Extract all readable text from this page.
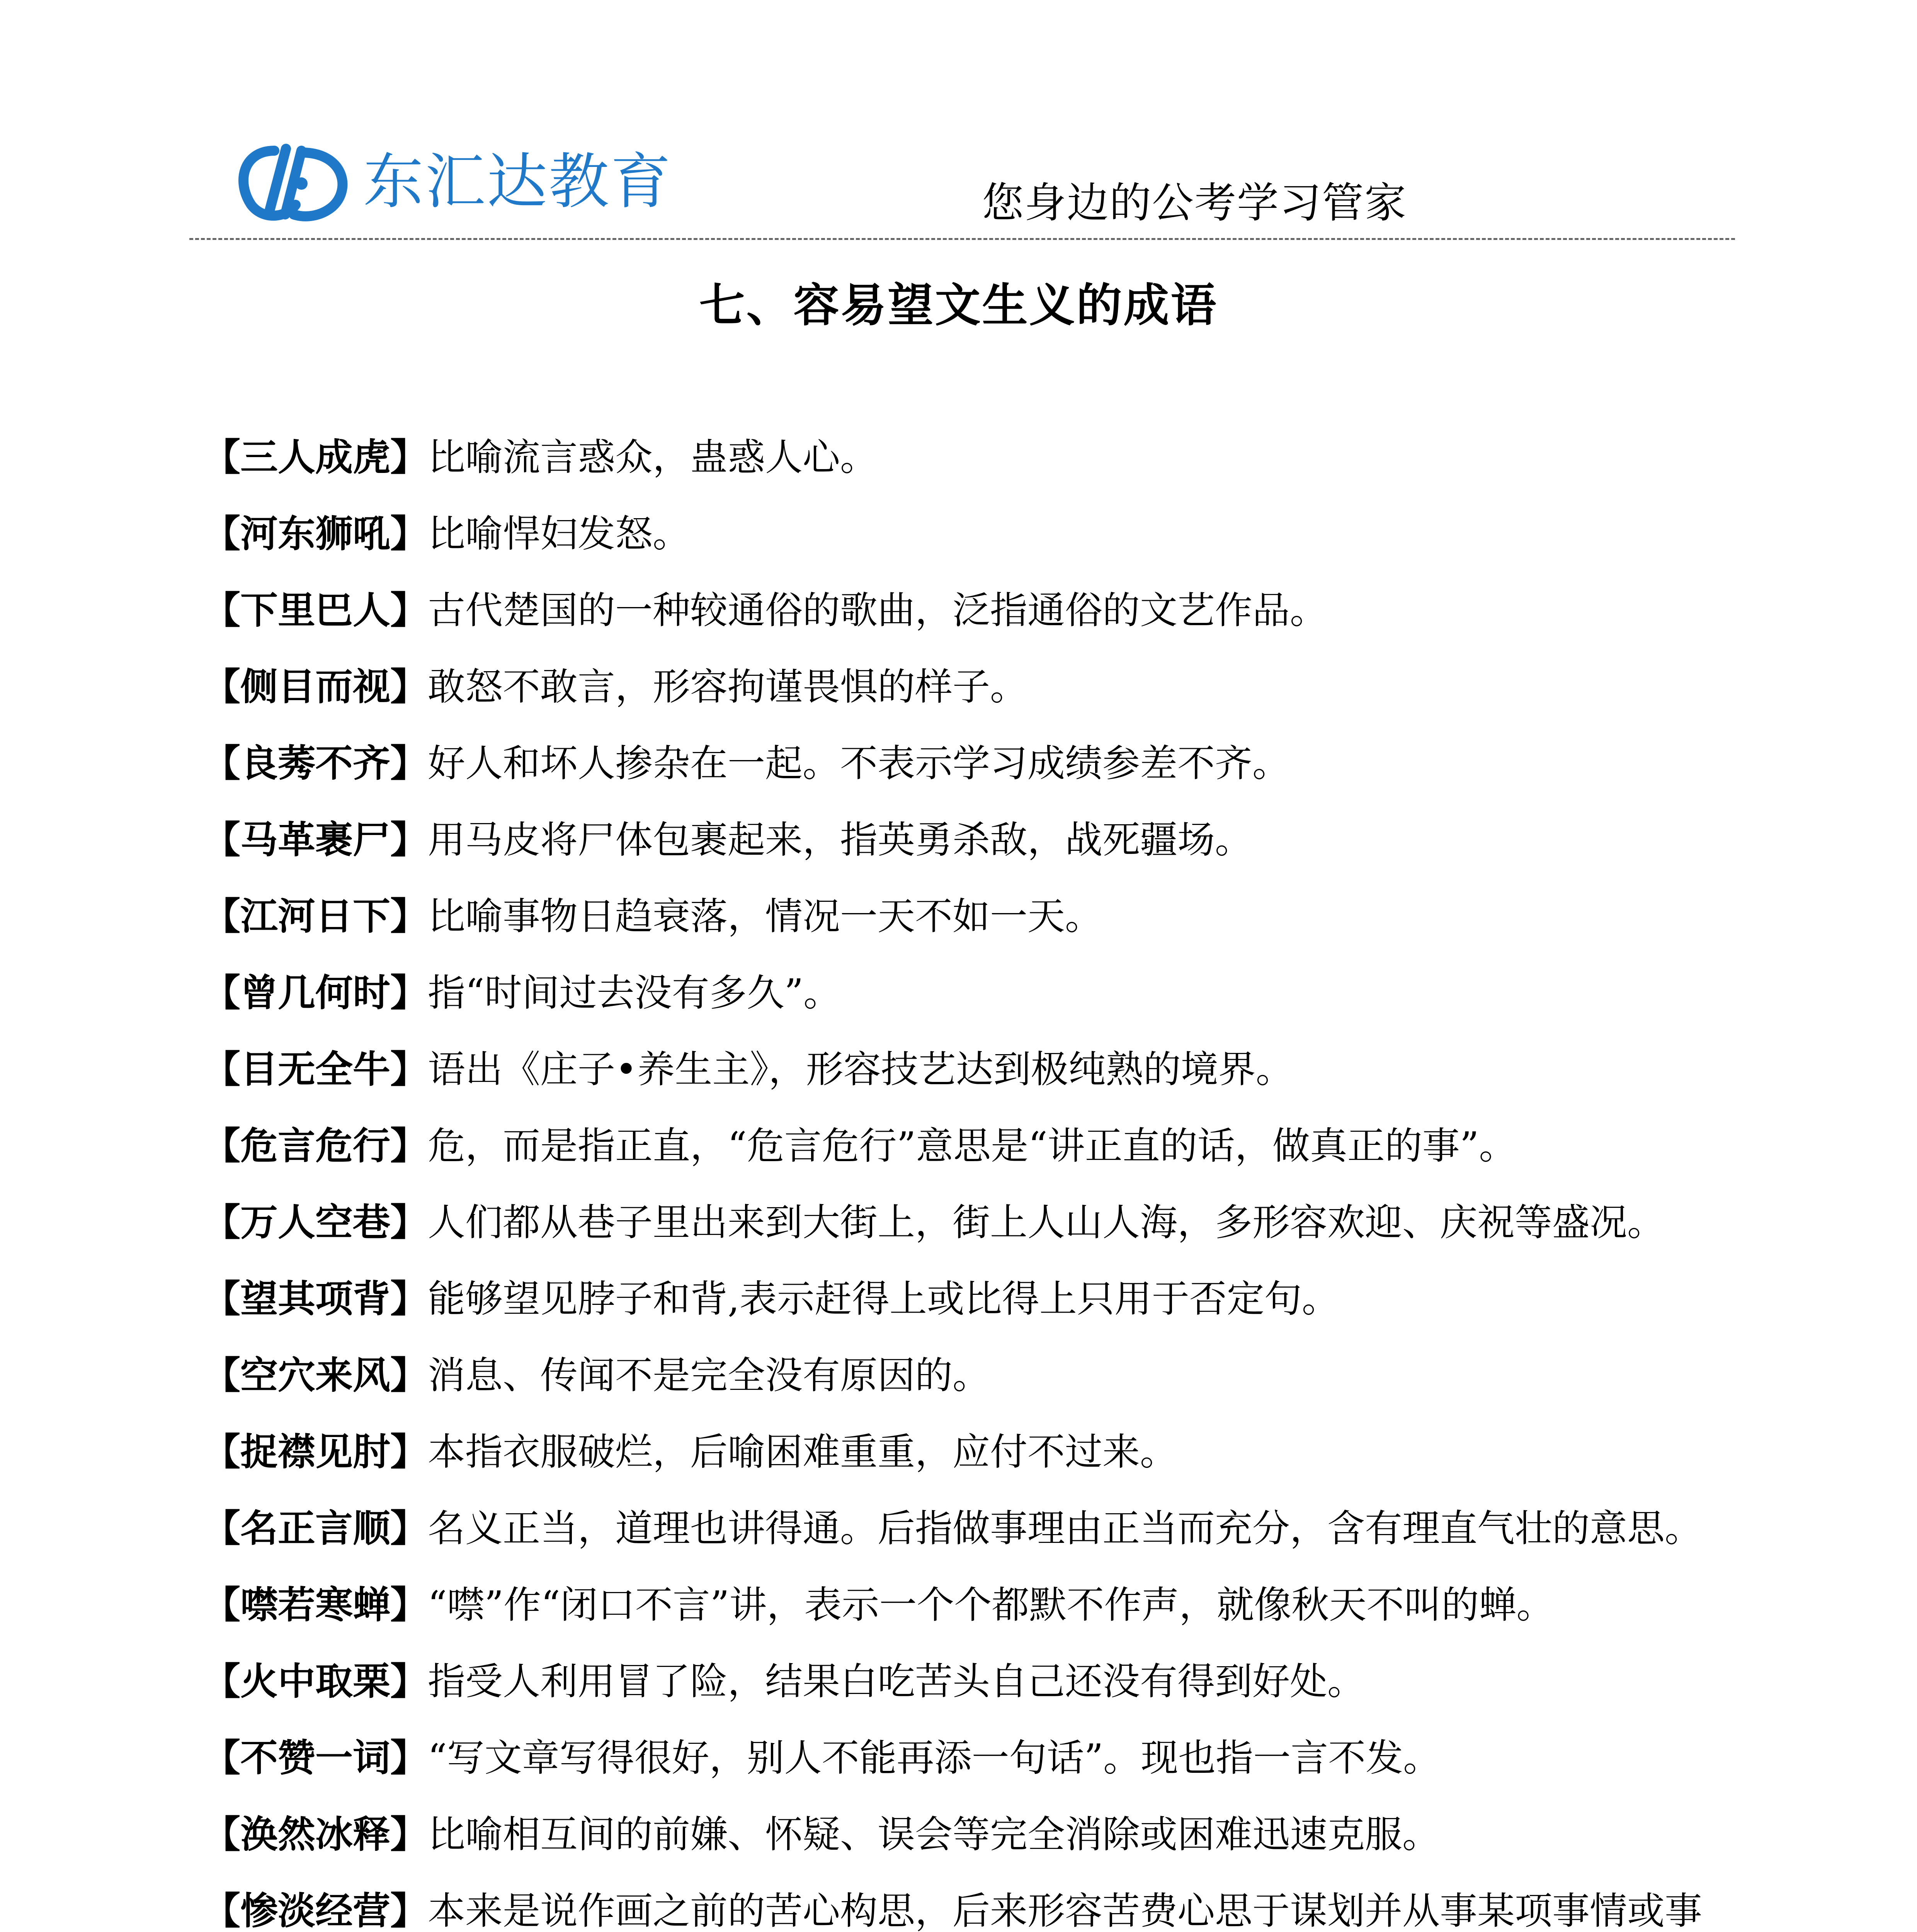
东汇达教育	您身边的公考学习管家
七、容易望文生义的成语
【三人成虎】比喻流言惑众，蛊惑人心。
【河东狮吼】比喻悍妇发怒。
【下里巴人】古代楚国的一种较通俗的歌曲，泛指通俗的文艺作品。
【侧目而视】敢怒不敢言，形容拘谨畏惧的样子。
【良莠不齐】好人和坏人掺杂在一起。不表示学习成绩参差不齐。
【马革裹尸】用马皮将尸体包裹起来，指英勇杀敌，战死疆场。
【江河日下】比喻事物日趋衰落，情况一天不如一天。
【曾几何时】指“时间过去没有多久”。
【目无全牛】语出《庄子•养生主》，形容技艺达到极纯熟的境界。
【危言危行】危，而是指正直，“危言危行”意思是“讲正直的话，做真正的事”。
【万人空巷】人们都从巷子里出来到大街上，街上人山人海，多形容欢迎、庆祝等盛况。
【望其项背】能够望见脖子和背,表示赶得上或比得上只用于否定句。
【空穴来风】消息、传闻不是完全没有原因的。
【捉襟见肘】本指衣服破烂，后喻困难重重，应付不过来。
【名正言顺】名义正当，道理也讲得通。后指做事理由正当而充分，含有理直气壮的意思。
【噤若寒蝉】“噤”作“闭口不言”讲，表示一个个都默不作声，就像秋天不叫的蝉。
【火中取栗】指受人利用冒了险，结果白吃苦头自己还没有得到好处。
【不赞一词】“写文章写得很好，别人不能再添一句话”。现也指一言不发。
【涣然冰释】比喻相互间的前嫌、怀疑、误会等完全消除或困难迅速克服。
【惨淡经营】本来是说作画之前的苦心构思，后来形容苦费心思于谋划并从事某项事情或事
